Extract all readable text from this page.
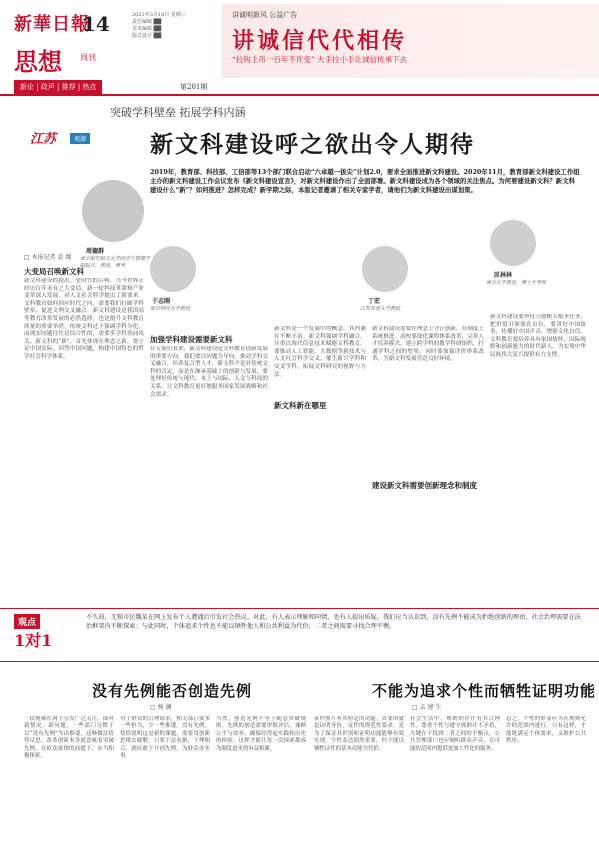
新華日報
14	2021年3月18日 星期三
责任编辑 ██
美术编辑 ██
版式设计 ██
思想 周刊
新论 | 政声 | 推荐 | 热点	第201期
讲诚明新风 公益广告
讲诚信代代相传
“拉钩上吊一百年不许变” 大手拉小手让诚信传承下去
突破学科壁垒 拓展学科内涵
江苏	观潮	新文科建设呼之欲出令人期待
2019年，教育部、科技部、工信部等13个部门联合启动“六卓越一拔尖”计划2.0，要求全面推进新文科建设。2020年11月，教育部新文科建设工作组主办的新文科建设工作会议发布《新文科建设宣言》，对新文科建设作出了全面部署。新文科建设成为各个领域的关注焦点。为何要建设新文科？新文科建设什么“新”？如何推进？怎样完成？新学期之际，本版记者邀请了相关专家学者，请他们为新文科建设出谋划策。
周德群
南京航空航天大学经济与管理学院院长、教授、博导
于志刚
南京财经大学教授
丁宏
江苏开放大学教授
匡林林
南京大学教授、博士生导师
□ 本报记者 袁 媛
大变局召唤新文科
新文科建设的提出，是时代的召唤。当今世界正经历百年未有之大变局，新一轮科技革命和产业变革深入发展，对人文社会科学提出了新要求。文科教育如何回应时代之问，需要我们打破学科壁垒，促进文理交叉融合。新文科建设是我国高等教育改革发展的必然选择，也是提升文科教育质量的重要举措。传统文科过于强调学科分化，而现实问题往往是综合性的，需要多学科协同攻关。新文科的“新”，首先体现在理念之新，要立足中国实际，回答中国问题，构建中国特色的哲学社会科学体系。
加强学科建设需要新文科
在专家们看来，新文科建设是文科教育创新发展的重要方向。我们要以问题为导向，推动学科交叉融合，培养复合型人才。新文科不是对传统文科的否定，而是在继承基础上的创新与发展。要处理好传统与现代、本土与国际、人文与科技的关系，让文科教育更好地服务国家发展战略和社会需求。
新文科是一个发展中的概念，其内涵在不断丰富。新文科强调学科融合，注重以现代信息技术赋能文科教育。要推动人工智能、大数据等新技术与人文社会科学交叉，催生新兴学科和交叉学科，拓展文科研究的视野与方法。
新文科新在哪里
新文科建设需要在理念上守正创新，在制度上系统推进。高校要深化课程体系改革，完善人才培养模式，建立跨学科的教学科研组织，打通学科之间的壁垒。同时要加强评价体系改革，为新文科发展营造良好环境。
建设新文科需要创新理念和制度
新文科建设要坚持立德树人根本任务，把价值引领放在首位。要讲好中国故事，传播好中国声音，增强文化自信。文科教育要培养具有家国情怀、国际视野和创新能力的时代新人，为实现中华民族伟大复兴提供有力支撑。
观点
1对1
不久前，无锡市民魏某在网上发布个人遭遇后引发社会热议。对此，有人表示理解和同情，也有人提出质疑。我们应当认识到，没有先例不能成为拒绝创新的理由，社会治理需要在法治框架内不断探索；与此同时，个体追求个性也不能以牺牲他人和公共利益为代价，二者之间需要寻找合理平衡。
没有先例能否创造先例
□ 杨 澜
不能为追求个性而牺牲证明功能
□ 孟 建 生
一段视频在网上引发广泛关注。面对新情况、新问题，一些部门习惯于以“没有先例”为由推诿，这种做法值得反思。改革创新本身就意味着突破先例，在依法依规的前提下，应当积极探索。
对于群众的合理诉求，相关部门要多一些担当，少一些推诿。没有先例，恰恰说明这是新的课题，需要用创新思维去破解。只要于法有据、于理相合，就应敢于开创先例，为群众办实事。
当然，创造先例不等于随意突破规则。先例的创造需要审慎评估，兼顾公平与效率，确保经得起实践和历史的检验。这样才能让每一次探索都成为制度进步的有益积累。
证件照片有其特定的功能，首要的就是证明身份。证件的规范性要求，是为了保证其识别和证明功能能够有效实现。个性表达固然重要，但不能以牺牲证件的基本功能为代价。
社会生活中，规则的存在有其合理性。尊重个性与遵守规则并不矛盾，关键在于找到二者之间的平衡点。公共管理部门也应倾听群众声音，在可能的范围内提供更加人性化的服务。
总之，个性的彰显应当在规则允许的范围内进行。只有这样，才能既满足个体需求，又维护公共秩序。
